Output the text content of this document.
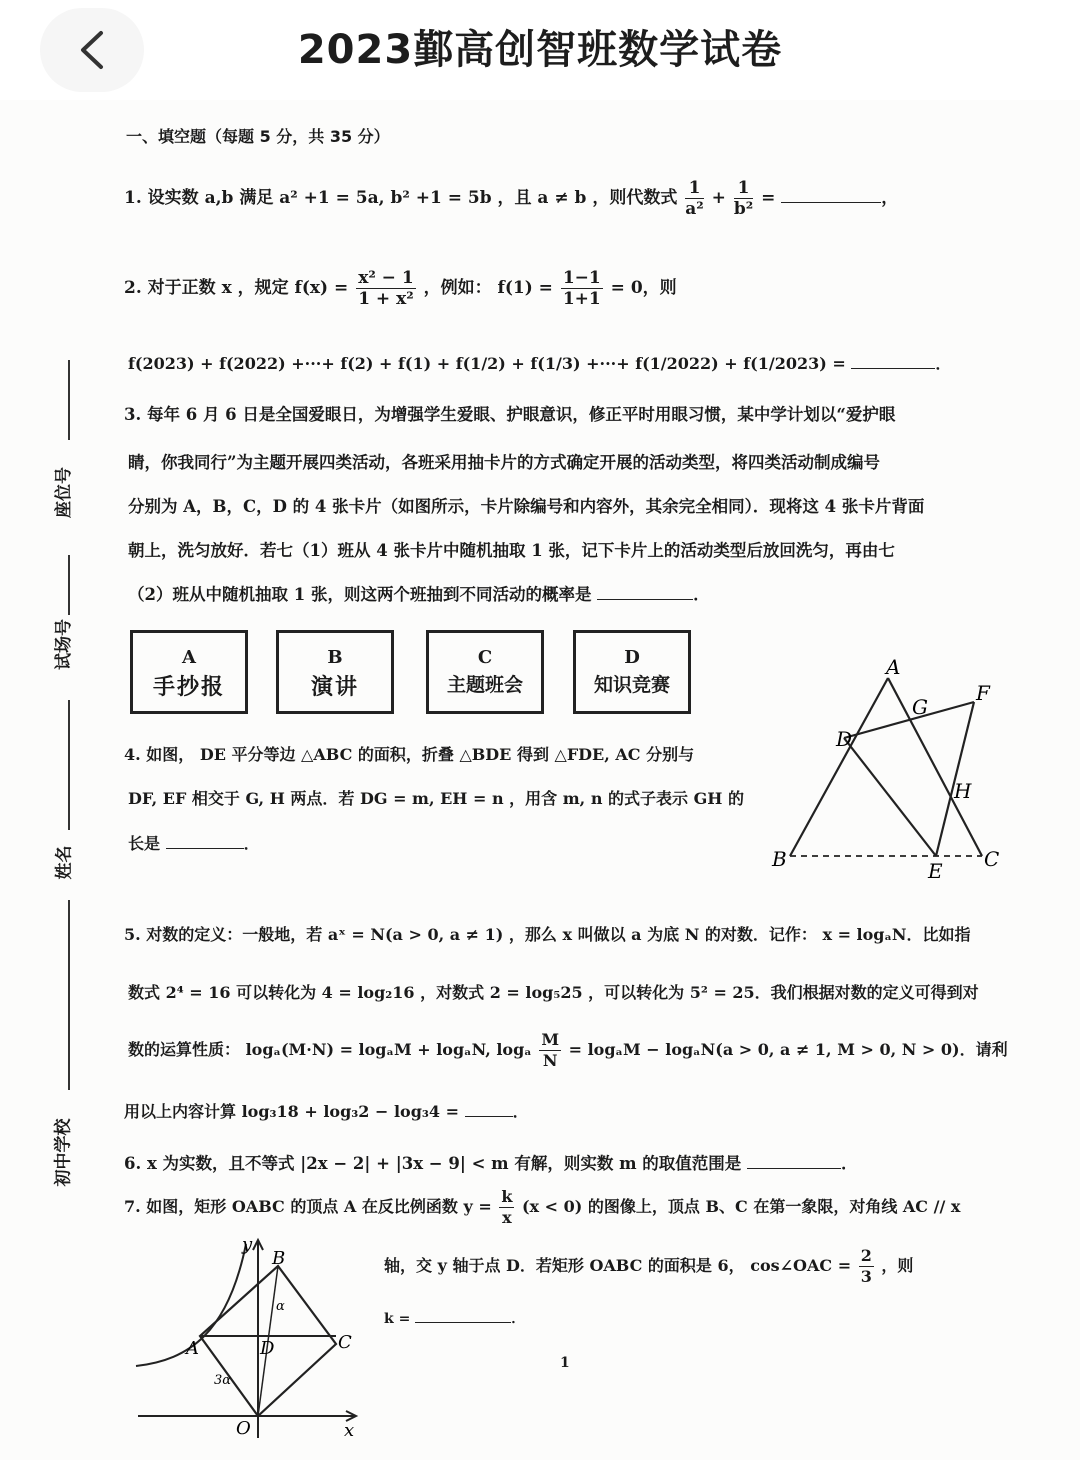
2023鄞高创智班数学试卷
座位号
试场号
姓名
初中学校
一、填空题（每题 5 分，共 35 分）
1. 设实数 a,b 满足 a² +1 = 5a, b² +1 = 5b ，且 a ≠ b ，则代数式 $\frac{1}{\text{a²}} + \frac{1}{\text{b²}}$ =	，
2. 对于正数 x ，规定 $f(x) = \frac{\text{x² − 1}}{\text{1 + x²}}$ ，例如： $f(1) = \frac{1-1}{1+1} = 0$，则
f(2023) + f(2022) +···+ f(2) + f(1) + f(1/2) + f(1/3) +···+ f(1/2022) + f(1/2023) =	．
3. 每年 6 月 6 日是全国爱眼日，为增强学生爱眼、护眼意识，修正平时用眼习惯，某中学计划以“爱护眼
睛，你我同行”为主题开展四类活动，各班采用抽卡片的方式确定开展的活动类型，将四类活动制成编号
分别为 A，B，C，D 的 4 张卡片（如图所示，卡片除编号和内容外，其余完全相同）．现将这 4 张卡片背面
朝上，洗匀放好．若七（1）班从 4 张卡片中随机抽取 1 张，记下卡片上的活动类型后放回洗匀，再由七
（2）班从中随机抽取 1 张，则这两个班抽到不同活动的概率是	．
A
手抄报
B
演讲
C
主题班会
D
知识竞赛
4. 如图， DE 平分等边 △ABC 的面积，折叠 △BDE 得到 △FDE, AC 分别与
DF, EF 相交于 G, H 两点．若 DG = m, EH = n ，用含 m, n 的式子表示 GH 的
长是	．
A
G
F
D
H
B	E C
5. 对数的定义：一般地，若 aˣ = N(a > 0, a ≠ 1) ，那么 x 叫做以 a 为底 N 的对数．记作： x = logₐN．比如指
数式 2⁴ = 16 可以转化为 4 = log₂16 ，对数式 2 = log₅25 ，可以转化为 5² = 25．我们根据对数的定义可得到对
数的运算性质： logₐ(M·N) = logₐM + logₐN, logₐ $\frac{M}{N} = \log_aM - \log_aN(a > 0$, a ≠ 1, M > 0, N > 0)．请利
用以上内容计算 log₃18 + log₃2 − log₃4 =	．
6. x 为实数，且不等式 |2x − 2| + |3x − 9| < m 有解，则实数 m 的取值范围是	．
7. 如图，矩形 OABC 的顶点 A 在反比例函数 $y = \frac{k}{x} (x < 0)$ 的图像上，顶点 B、C 在第一象限，对角线 AC // x
轴，交 y 轴于点 D．若矩形 OABC 的面积是 6， cos∠OAC = $\frac{2}{3}$ ，则
k =	．
y
B
α
A	D	C
3α
O	x
1
